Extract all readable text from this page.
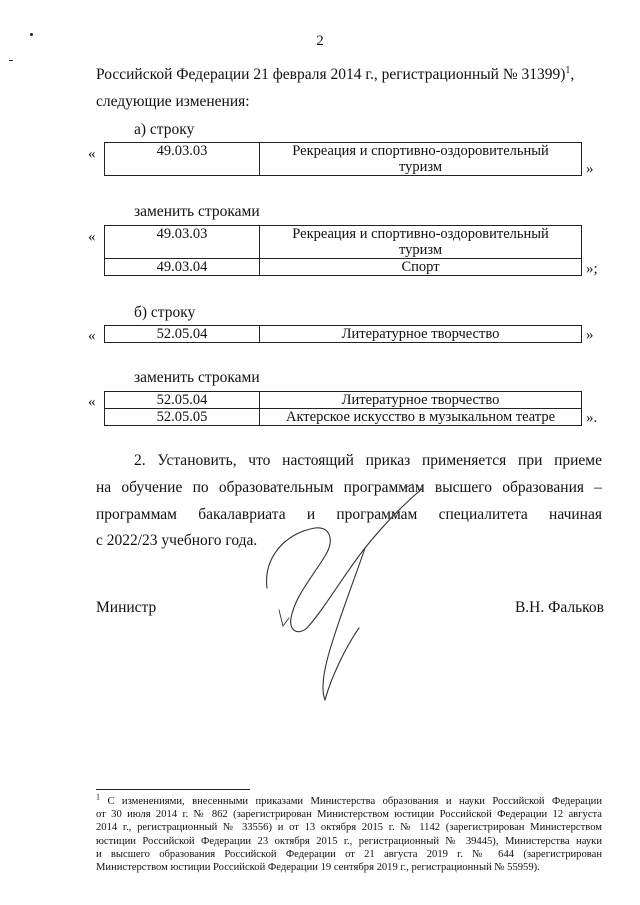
2
Российской Федерации 21 февраля 2014 г., регистрационный № 31399)$^1$,
следующие изменения:
а) строку
«	49.03.03	Рекреация и спортивно-оздоровительный
туризм	»
заменить строками
«	49.03.03	Рекреация и спортивно-оздоровительный
туризм

49.03.04	Спорт	»;
б) строку
«	52.05.04	Литературное творчество	»
заменить строками
«	52.05.04	Литературное творчество
52.05.05	Актерское искусство в музыкальном театре ».
2. Установить, что настоящий приказ применяется при приеме
на обучение по образовательным программам высшего образования –
программам бакалавриата и программам специалитета начиная
с 2022/23 учебного года.
Министр	В.Н. Фальков
$^1$ С изменениями, внесенными приказами Министерства образования и науки Российской Федерации
от 30 июля 2014 г. № 862 (зарегистрирован Министерством юстиции Российской Федерации 12 августа
2014 г., регистрационный № 33556) и от 13 октября 2015 г. № 1142 (зарегистрирован Министерством
юстиции Российской Федерации 23 октября 2015 г., регистрационный № 39445), Министерства науки
и высшего образования Российской Федерации от 21 августа 2019 г. № 644 (зарегистрирован
Министерством юстиции Российской Федерации 19 сентября 2019 г., регистрационный № 55959).
